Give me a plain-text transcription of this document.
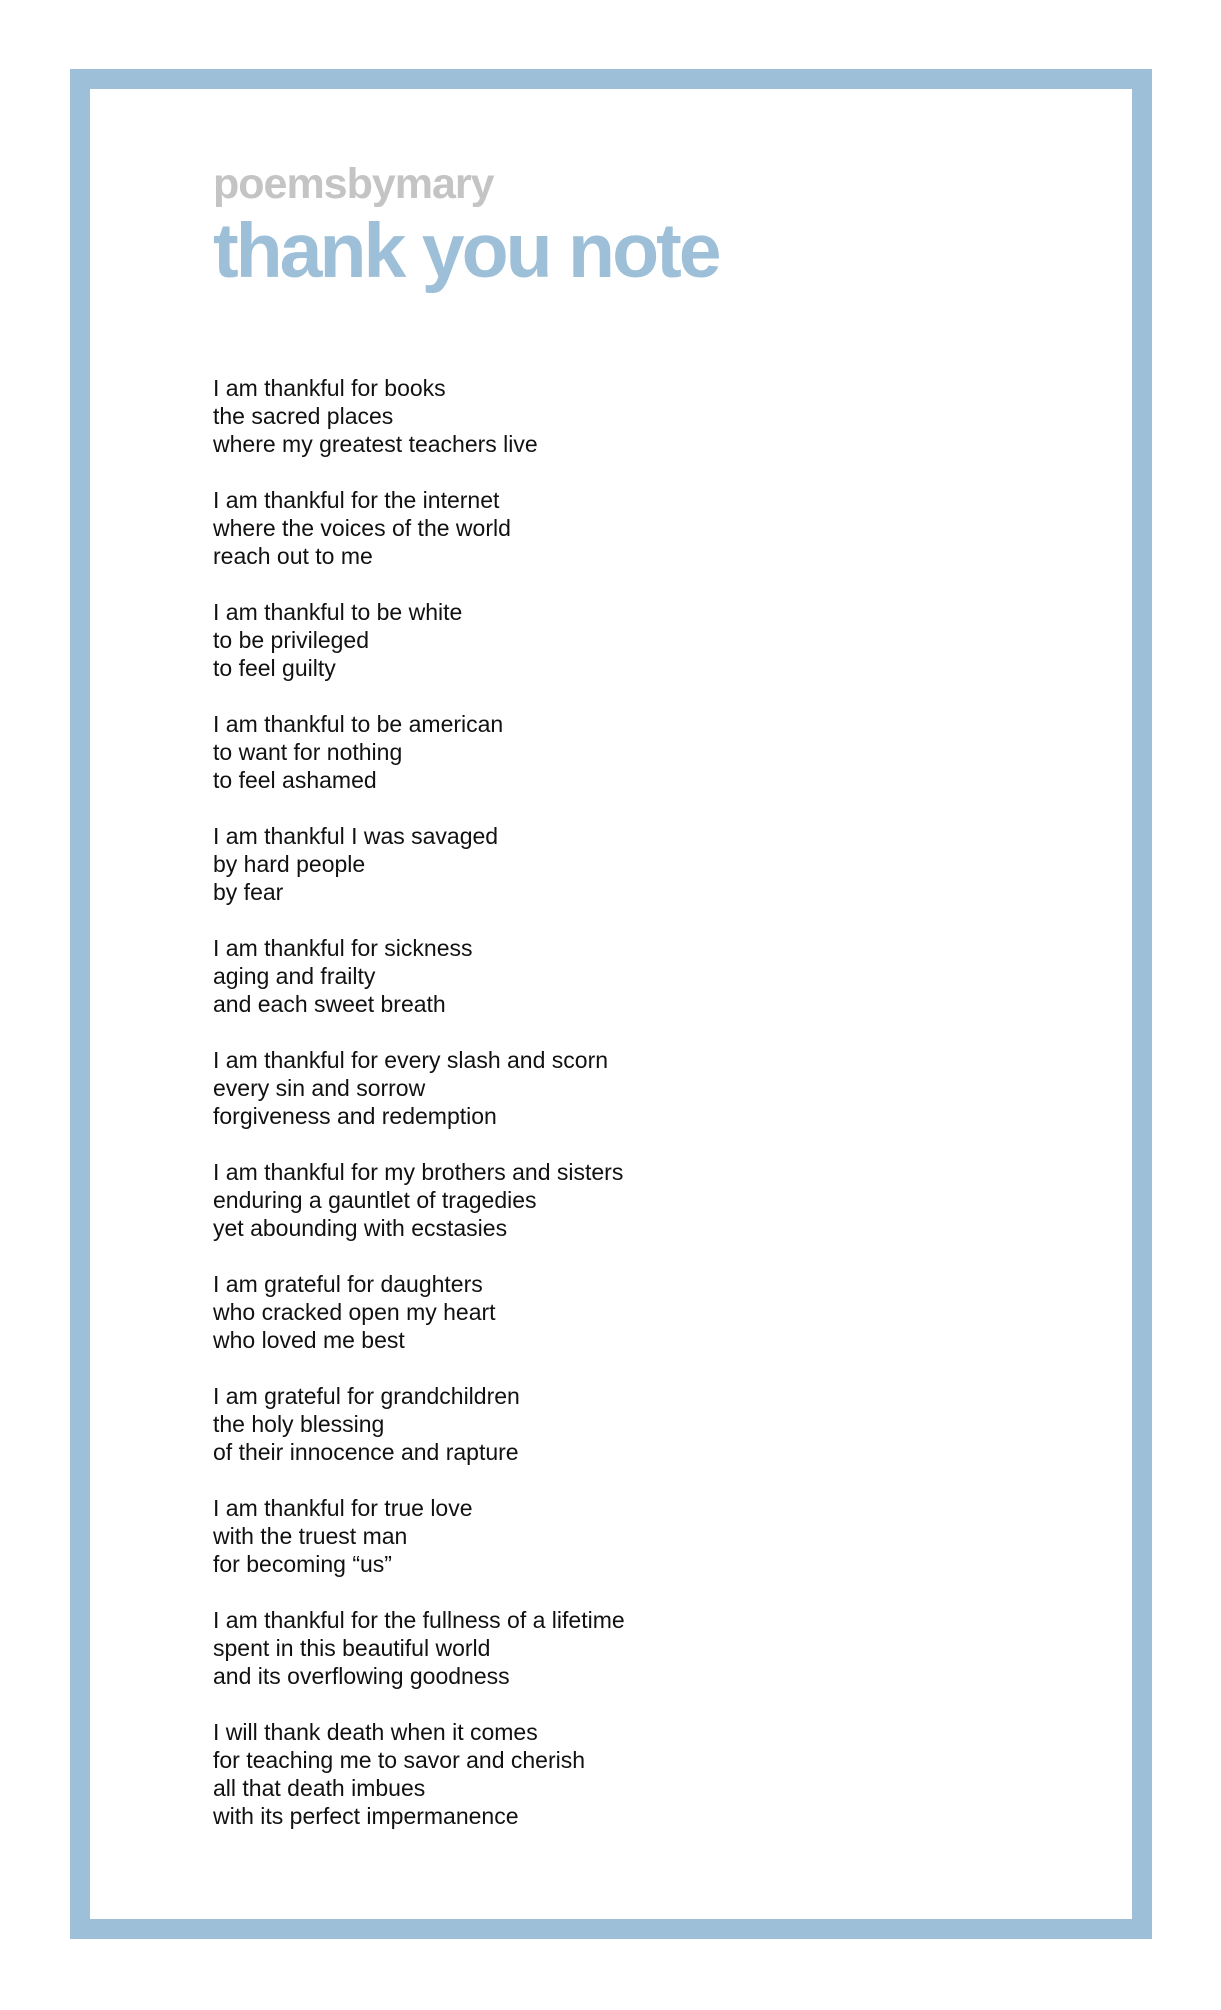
poemsbymary

thank you note
I am thankful for books
the sacred places
where my greatest teachers live
I am thankful for the internet
where the voices of the world
reach out to me
I am thankful to be white
to be privileged
to feel guilty
I am thankful to be american
to want for nothing
to feel ashamed
I am thankful I was savaged
by hard people
by fear
I am thankful for sickness
aging and frailty
and each sweet breath
I am thankful for every slash and scorn
every sin and sorrow
forgiveness and redemption
I am thankful for my brothers and sisters
enduring a gauntlet of tragedies
yet abounding with ecstasies
I am grateful for daughters
who cracked open my heart
who loved me best
I am grateful for grandchildren
the holy blessing
of their innocence and rapture
I am thankful for true love
with the truest man
for becoming “us”
I am thankful for the fullness of a lifetime
spent in this beautiful world
and its overflowing goodness
I will thank death when it comes
for teaching me to savor and cherish
all that death imbues
with its perfect impermanence
